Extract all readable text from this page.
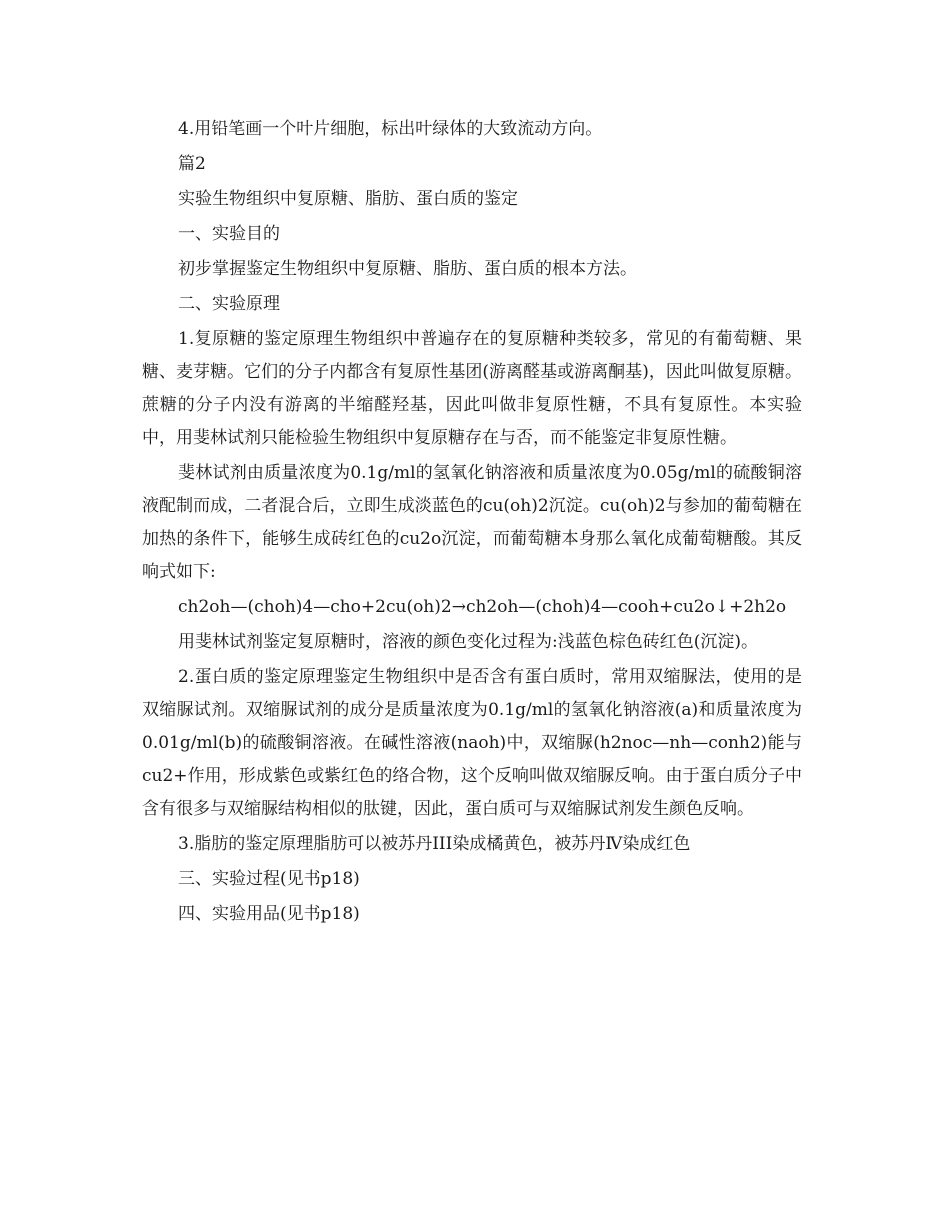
4.用铅笔画一个叶片细胞，标出叶绿体的大致流动方向。

篇2

实验生物组织中复原糖、脂肪、蛋白质的鉴定

一、实验目的

初步掌握鉴定生物组织中复原糖、脂肪、蛋白质的根本方法。

二、实验原理

1.复原糖的鉴定原理生物组织中普遍存在的复原糖种类较多，常见的有葡萄糖、果糖、麦芽糖。它们的分子内都含有复原性基团(游离醛基或游离酮基)，因此叫做复原糖。蔗糖的分子内没有游离的半缩醛羟基，因此叫做非复原性糖，不具有复原性。本实验中，用斐林试剂只能检验生物组织中复原糖存在与否，而不能鉴定非复原性糖。

斐林试剂由质量浓度为0.1g/ml的氢氧化钠溶液和质量浓度为0.05g/ml的硫酸铜溶液配制而成，二者混合后，立即生成淡蓝色的cu(oh)2沉淀。cu(oh)2与参加的葡萄糖在加热的条件下，能够生成砖红色的cu2o沉淀，而葡萄糖本身那么氧化成葡萄糖酸。其反响式如下:

ch2oh—(choh)4—cho+2cu(oh)2→ch2oh—(choh)4—cooh+cu2o↓+2h2o

用斐林试剂鉴定复原糖时，溶液的颜色变化过程为:浅蓝色棕色砖红色(沉淀)。

2.蛋白质的鉴定原理鉴定生物组织中是否含有蛋白质时，常用双缩脲法，使用的是双缩脲试剂。双缩脲试剂的成分是质量浓度为0.1g/ml的氢氧化钠溶液(a)和质量浓度为0.01g/ml(b)的硫酸铜溶液。在碱性溶液(naoh)中，双缩脲(h2noc—nh—conh2)能与cu2+作用，形成紫色或紫红色的络合物，这个反响叫做双缩脲反响。由于蛋白质分子中含有很多与双缩脲结构相似的肽键，因此，蛋白质可与双缩脲试剂发生颜色反响。

3.脂肪的鉴定原理脂肪可以被苏丹III染成橘黄色，被苏丹Ⅳ染成红色

三、实验过程(见书p18)

四、实验用品(见书p18)
